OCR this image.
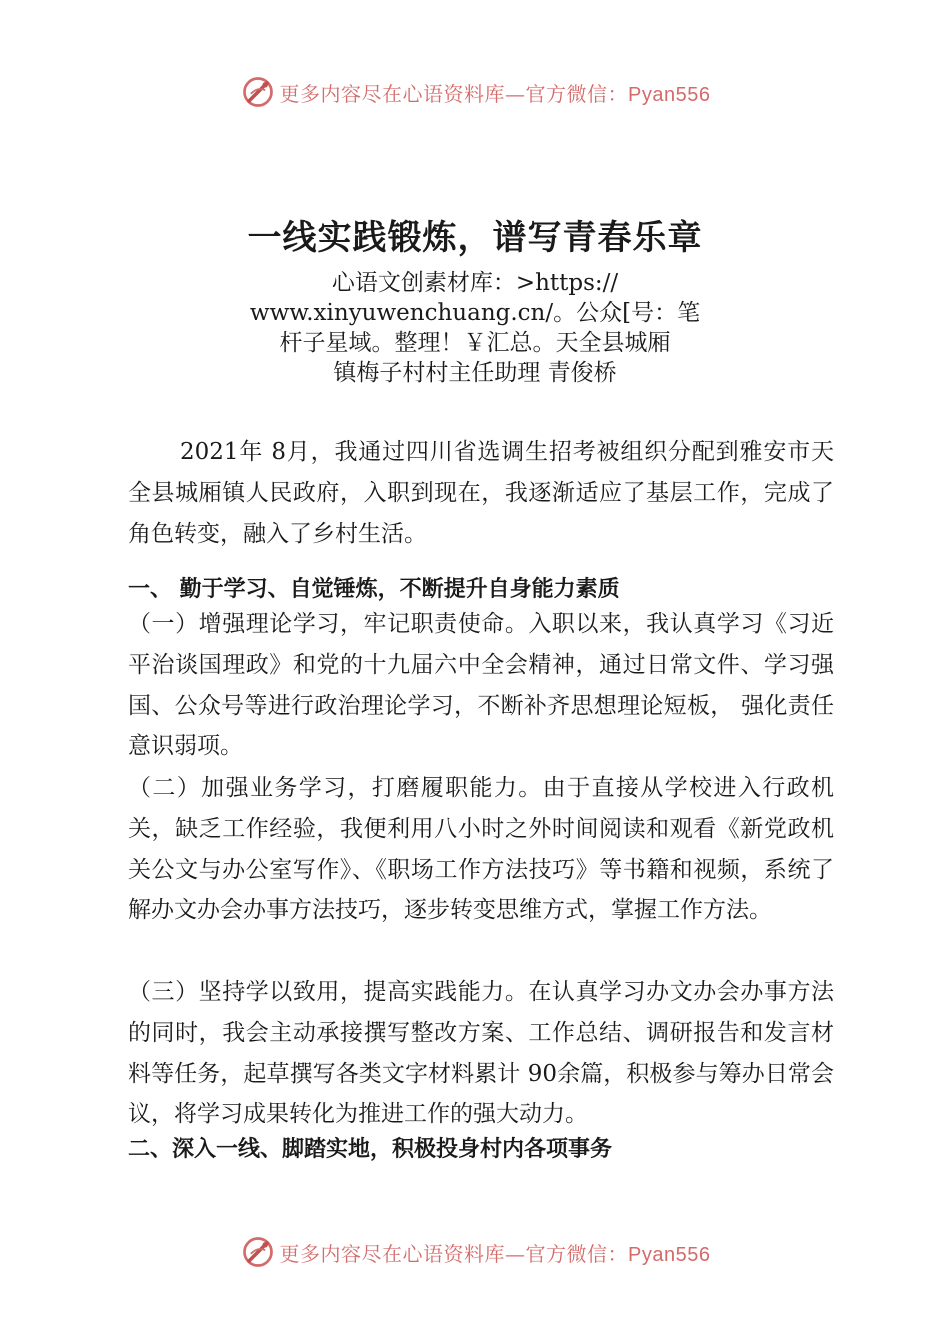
更多内容尽在心语资料库—官方微信：Pyan556
一线实践锻炼，谱写青春乐章
心语文创素材库：>https://
www.xinyuwenchuang.cn/。公众[号：笔
杆子星域。整理！￥汇总。天全县城厢
镇梅子村村主任助理 青俊桥
2021年 8月，我通过四川省选调生招考被组织分配到雅安市天全县城厢镇人民政府，入职到现在，我逐渐适应了基层工作，完成了角色转变，融入了乡村生活。
一、 勤于学习、自觉锤炼，不断提升自身能力素质
（一）增强理论学习，牢记职责使命。入职以来，我认真学习《习近平治谈国理政》和党的十九届六中全会精神，通过日常文件、学习强国、公众号等进行政治理论学习，不断补齐思想理论短板， 强化责任意识弱项。
（二）加强业务学习，打磨履职能力。由于直接从学校进入行政机关，缺乏工作经验，我便利用八小时之外时间阅读和观看《新党政机关公文与办公室写作》、《职场工作方法技巧》等书籍和视频，系统了解办文办会办事方法技巧，逐步转变思维方式，掌握工作方法。
（三）坚持学以致用，提高实践能力。在认真学习办文办会办事方法的同时，我会主动承接撰写整改方案、工作总结、调研报告和发言材料等任务，起草撰写各类文字材料累计 90余篇，积极参与筹办日常会议，将学习成果转化为推进工作的强大动力。
二、深入一线、脚踏实地，积极投身村内各项事务
更多内容尽在心语资料库—官方微信：Pyan556
